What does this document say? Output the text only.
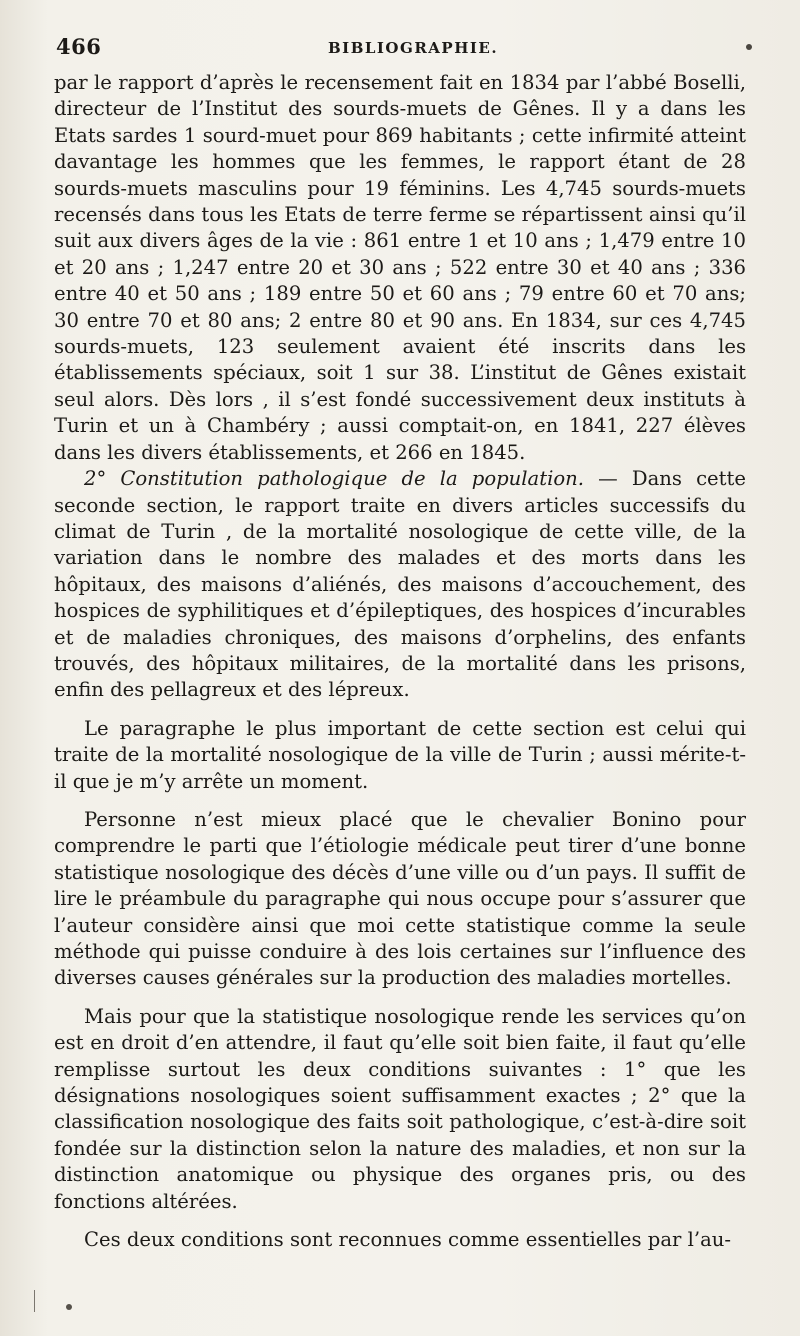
466	BIBLIOGRAPHIE.

par le rapport d’après le recensement fait en 1834 par l’abbé Boselli, directeur de l’Institut des sourds-muets de Gênes. Il y a dans les Etats sardes 1 sourd-muet pour 869 habitants ; cette infirmité atteint davantage les hommes que les femmes, le rapport étant de 28 sourds-muets masculins pour 19 féminins. Les 4,745 sourds-muets recensés dans tous les Etats de terre ferme se répartissent ainsi qu’il suit aux divers âges de la vie : 861 entre 1 et 10 ans ; 1,479 entre 10 et 20 ans ; 1,247 entre 20 et 30 ans ; 522 entre 30 et 40 ans ; 336 entre 40 et 50 ans ; 189 entre 50 et 60 ans ; 79 entre 60 et 70 ans; 30 entre 70 et 80 ans; 2 entre 80 et 90 ans. En 1834, sur ces 4,745 sourds-muets, 123 seulement avaient été inscrits dans les établissements spéciaux, soit 1 sur 38. L’institut de Gênes existait seul alors. Dès lors , il s’est fondé successivement deux instituts à Turin et un à Chambéry ; aussi comptait-on, en 1841, 227 élèves dans les divers établissements, et 266 en 1845.

2° Constitution pathologique de la population. — Dans cette seconde section, le rapport traite en divers articles successifs du climat de Turin , de la mortalité nosologique de cette ville, de la variation dans le nombre des malades et des morts dans les hôpitaux, des maisons d’aliénés, des maisons d’accouchement, des hospices de syphilitiques et d’épileptiques, des hospices d’incurables et de maladies chroniques, des maisons d’orphelins, des enfants trouvés, des hôpitaux militaires, de la mortalité dans les prisons, enfin des pellagreux et des lépreux.

Le paragraphe le plus important de cette section est celui qui traite de la mortalité nosologique de la ville de Turin ; aussi mérite-t-il que je m’y arrête un moment.

Personne n’est mieux placé que le chevalier Bonino pour comprendre le parti que l’étiologie médicale peut tirer d’une bonne statistique nosologique des décès d’une ville ou d’un pays. Il suffit de lire le préambule du paragraphe qui nous occupe pour s’assurer que l’auteur considère ainsi que moi cette statistique comme la seule méthode qui puisse conduire à des lois certaines sur l’influence des diverses causes générales sur la production des maladies mortelles.

Mais pour que la statistique nosologique rende les services qu’on est en droit d’en attendre, il faut qu’elle soit bien faite, il faut qu’elle remplisse surtout les deux conditions suivantes : 1° que les désignations nosologiques soient suffisamment exactes ; 2° que la classification nosologique des faits soit pathologique, c’est-à-dire soit fondée sur la distinction selon la nature des maladies, et non sur la distinction anatomique ou physique des organes pris, ou des fonctions altérées.

Ces deux conditions sont reconnues comme essentielles par l’au-
